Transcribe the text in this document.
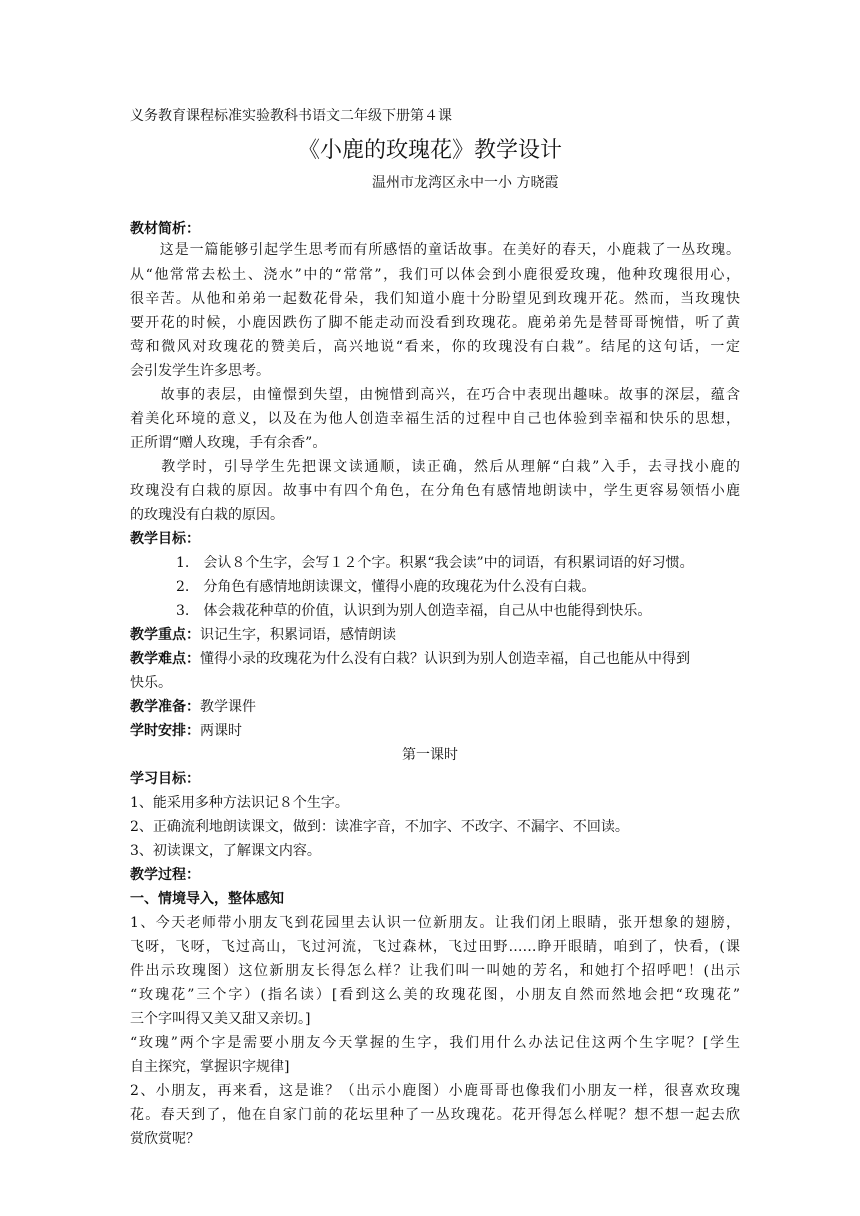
义务教育课程标准实验教科书语文二年级下册第４课
《小鹿的玫瑰花》教学设计
温州市龙湾区永中一小 方晓霞
教材简析：
　　这是一篇能够引起学生思考而有所感悟的童话故事。在美好的春天，小鹿栽了一丛玫瑰。
从“他常常去松土、浇水”中的“常常”，我们可以体会到小鹿很爱玫瑰，他种玫瑰很用心，
很辛苦。从他和弟弟一起数花骨朵，我们知道小鹿十分盼望见到玫瑰开花。然而，当玫瑰快
要开花的时候，小鹿因跌伤了脚不能走动而没看到玫瑰花。鹿弟弟先是替哥哥惋惜，听了黄
莺和微风对玫瑰花的赞美后，高兴地说“看来，你的玫瑰没有白栽”。结尾的这句话，一定
会引发学生许多思考。
　　故事的表层，由憧憬到失望，由惋惜到高兴，在巧合中表现出趣味。故事的深层，蕴含
着美化环境的意义，以及在为他人创造幸福生活的过程中自己也体验到幸福和快乐的思想，
正所谓“赠人玫瑰，手有余香”。
　　教学时，引导学生先把课文读通顺，读正确，然后从理解“白栽”入手，去寻找小鹿的
玫瑰没有白栽的原因。故事中有四个角色，在分角色有感情地朗读中，学生更容易领悟小鹿
的玫瑰没有白栽的原因。
教学目标：
1.　会认８个生字，会写１２个字。积累“我会读”中的词语，有积累词语的好习惯。
2.　分角色有感情地朗读课文，懂得小鹿的玫瑰花为什么没有白栽。
3.　体会栽花种草的价值，认识到为别人创造幸福，自己从中也能得到快乐。
教学重点：识记生字，积累词语，感情朗读
教学难点：懂得小录的玫瑰花为什么没有白栽？认识到为别人创造幸福，自己也能从中得到
快乐。
教学准备：教学课件
学时安排：两课时
第一课时
学习目标：
1、能采用多种方法识记８个生字。
2、正确流利地朗读课文，做到：读准字音，不加字、不改字、不漏字、不回读。
3、初读课文，了解课文内容。
教学过程：
一、情境导入，整体感知
1、今天老师带小朋友飞到花园里去认识一位新朋友。让我们闭上眼睛，张开想象的翅膀，
飞呀，飞呀，飞过高山，飞过河流，飞过森林，飞过田野……睁开眼睛，咱到了，快看，(课
件出示玫瑰图）这位新朋友长得怎么样？让我们叫一叫她的芳名，和她打个招呼吧！(出示
“玫瑰花”三个字）(指名读）[看到这么美的玫瑰花图，小朋友自然而然地会把“玫瑰花”
三个字叫得又美又甜又亲切。]
“玫瑰”两个字是需要小朋友今天掌握的生字，我们用什么办法记住这两个生字呢？[学生
自主探究，掌握识字规律]
2、小朋友，再来看，这是谁？（出示小鹿图）小鹿哥哥也像我们小朋友一样，很喜欢玫瑰
花。春天到了，他在自家门前的花坛里种了一丛玫瑰花。花开得怎么样呢？想不想一起去欣
赏欣赏呢？
